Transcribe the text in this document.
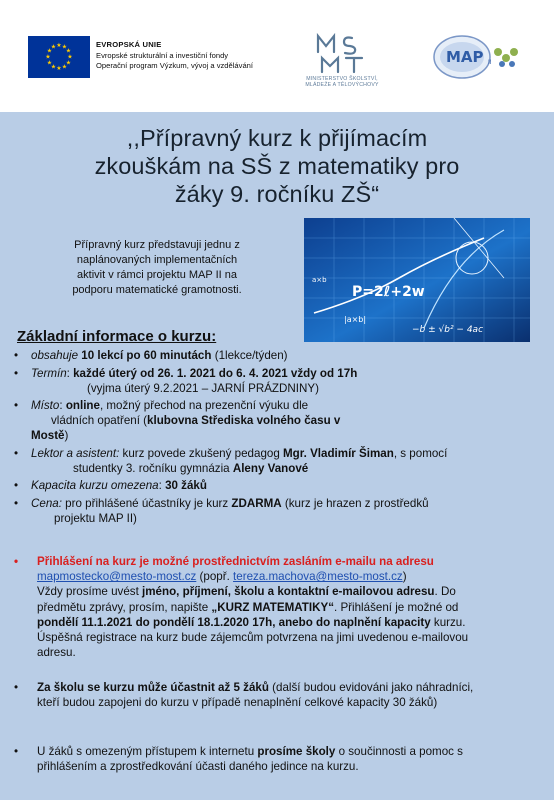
★ ★
★
★
★
★
★
★
★
★
★
★	EVROPSKÁ UNIE
Evropské strukturální a investiční fondy
Operační program Výzkum, vývoj a vzdělávání
MINISTERSTVO ŠKOLSTVÍ,
MLÁDEŽE A TĚLOVÝCHOVY
MAP II
,,Přípravný kurz k přijímacím
zkouškám na SŠ z matematiky pro
žáky 9. ročníku ZŠ“
Přípravný kurz představuji jednu z
naplánovaných implementačních
aktivit v rámci projektu MAP II na
podporu matematické gramotnosti.	P=2ℓ+2w
−b ± √b² − 4ac
|a×b|
a×b
Základní informace o kurzu:
• obsahuje 10 lekcí po 60 minutách (1lekce/týden)
• Termín: každé úterý od 26. 1. 2021 do 6. 4. 2021 vždy od 17h
(vyjma úterý 9.2.2021 – JARNÍ PRÁZDNINY)
• Místo: online, možný přechod na prezenční výuku dle
vládních opatření (klubovna Střediska volného času v
Mostě)
• Lektor a asistent: kurz povede zkušený pedagog Mgr. Vladimír Šiman, s pomocí
studentky 3. ročníku gymnázia Aleny Vanové
• Kapacita kurzu omezena: 30 žáků
• Cena: pro přihlášené účastníky je kurz ZDARMA (kurz je hrazen z prostředků
projektu MAP II)
• Přihlášení na kurz je možné prostřednictvím zasláním e-mailu na adresu
mapmostecko@mesto-most.cz (popř. tereza.machova@mesto-most.cz)
Vždy prosíme uvést jméno, příjmení, školu a kontaktní e-mailovou adresu. Do
předmětu zprávy, prosím, napište „KURZ MATEMATIKY“. Přihlášení je možné od
pondělí 11.1.2021 do pondělí 18.1.2020 17h, anebo do naplnění kapacity kurzu.
Úspěšná registrace na kurz bude zájemcům potvrzena na jimi uvedenou e-mailovou
adresu.
• Za školu se kurzu může účastnit až 5 žáků (další budou evidováni jako náhradníci,
kteří budou zapojeni do kurzu v případě nenaplnění celkové kapacity 30 žáků)
• U žáků s omezeným přístupem k internetu prosíme školy o součinnosti a pomoc s
přihlášením a zprostředkování účasti daného jedince na kurzu.
